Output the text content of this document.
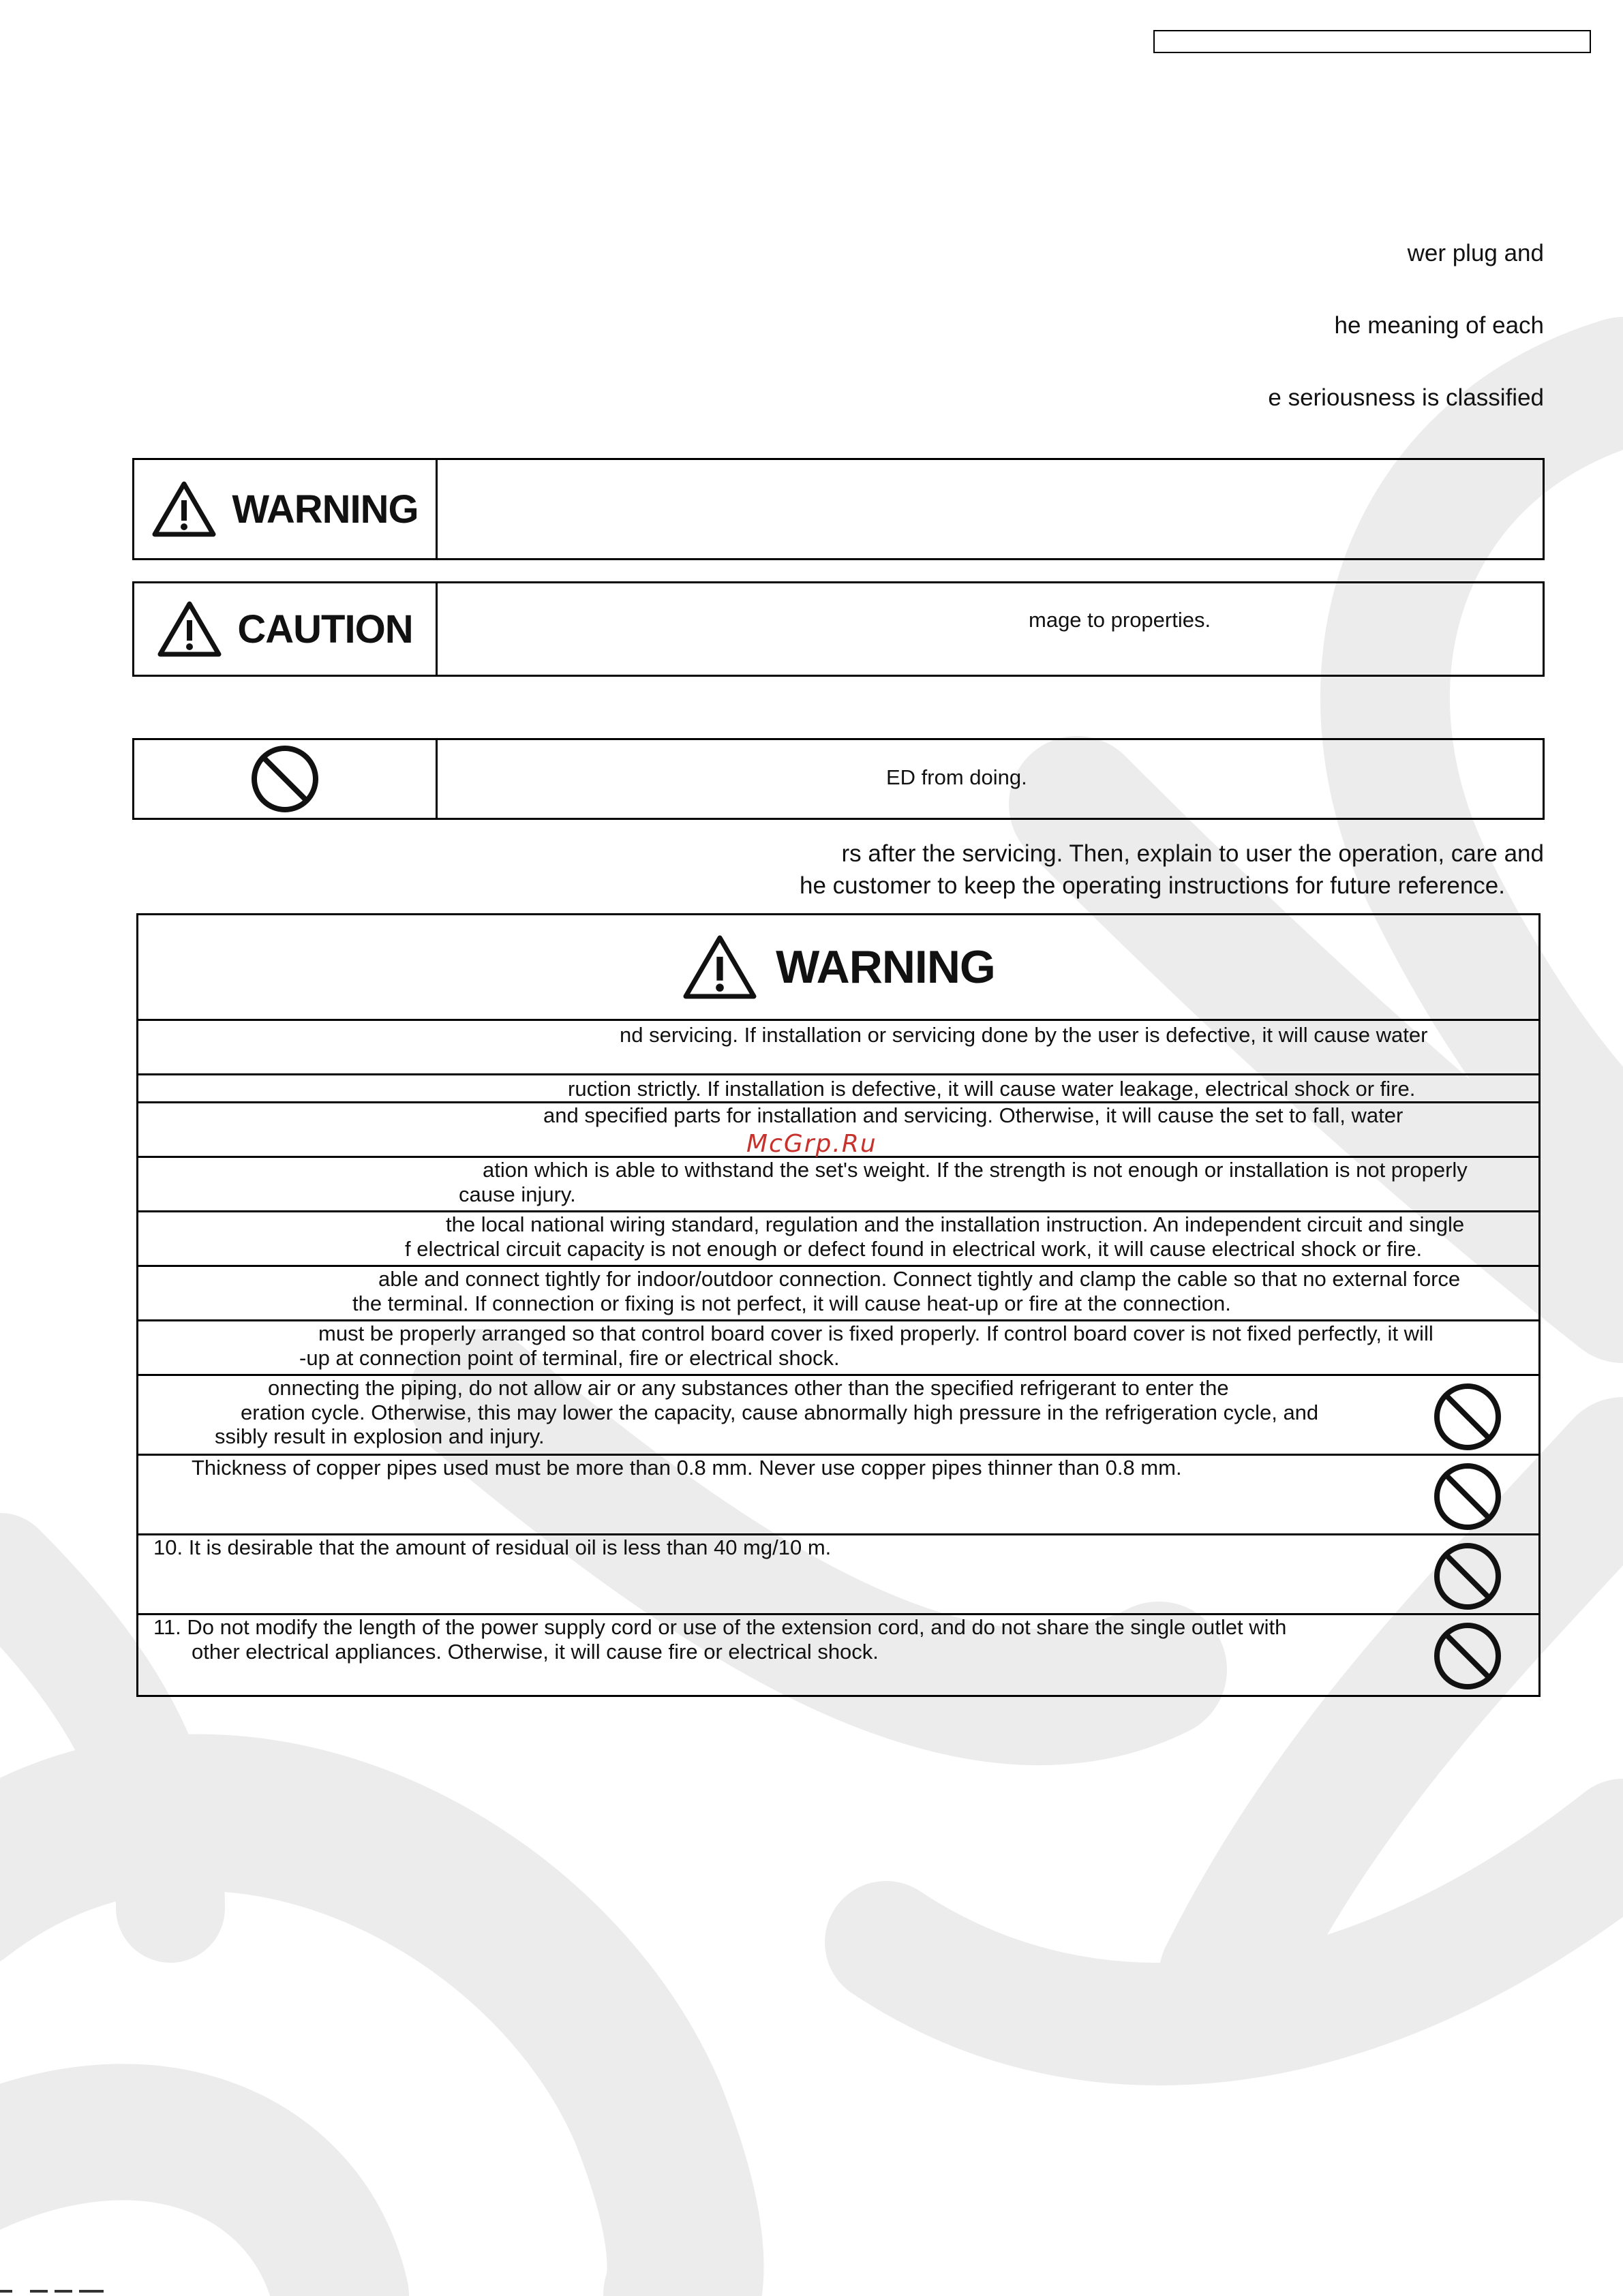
wer plug and
he meaning of each
e seriousness is classified
WARNING
CAUTION	mage to properties.
ED from doing.
rs after the servicing. Then, explain to user the operation, care and
he customer to keep the operating instructions for future reference.
WARNING
nd servicing. If installation or servicing done by the user is defective, it will cause water
ruction strictly. If installation is defective, it will cause water leakage, electrical shock or fire.
and specified parts for installation and servicing. Otherwise, it will cause the set to fall, water
ation which is able to withstand the set's weight. If the strength is not enough or installation is not properly
cause injury.
the local national wiring standard, regulation and the installation instruction. An independent circuit and single
f electrical circuit capacity is not enough or defect found in electrical work, it will cause electrical shock or fire.
able and connect tightly for indoor/outdoor connection. Connect tightly and clamp the cable so that no external force
the terminal. If connection or fixing is not perfect, it will cause heat-up or fire at the connection.
must be properly arranged so that control board cover is fixed properly. If control board cover is not fixed perfectly, it will
-up at connection point of terminal, fire or electrical shock.
onnecting the piping, do not allow air or any substances other than the specified refrigerant to enter the
eration cycle. Otherwise, this may lower the capacity, cause abnormally high pressure in the refrigeration cycle, and
ssibly result in explosion and injury.
Thickness of copper pipes used must be more than 0.8 mm. Never use copper pipes thinner than 0.8 mm.
10. It is desirable that the amount of residual oil is less than 40 mg/10 m.
11. Do not modify the length of the power supply cord or use of the extension cord, and do not share the single outlet with
other electrical appliances. Otherwise, it will cause fire or electrical shock.
McGrp.Ru
